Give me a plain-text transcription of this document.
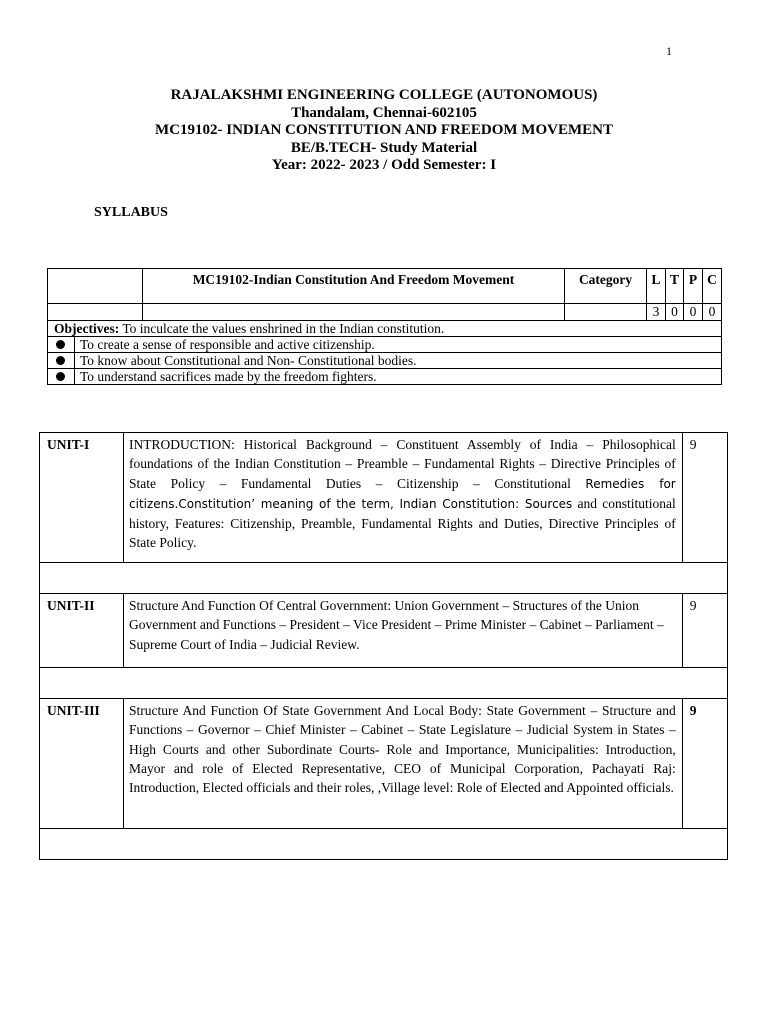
1
RAJALAKSHMI ENGINEERING COLLEGE (AUTONOMOUS)
Thandalam, Chennai-602105
MC19102- INDIAN CONSTITUTION AND FREEDOM MOVEMENT
BE/B.TECH- Study Material
Year: 2022- 2023 / Odd Semester: I
SYLLABUS
		MC19102-Indian Constitution And Freedom Movement	Category	L	T	P	C
				3	0	0	0
Objectives: To inculcate the values enshrined in the Indian constitution.							
	To create a sense of responsible and active citizenship.						
	To know about Constitutional and Non- Constitutional bodies.						
	To understand sacrifices made by the freedom fighters.						
UNIT-I	INTRODUCTION: Historical Background – Constituent Assembly of India – Philosophical foundations of the Indian Constitution – Preamble – Fundamental Rights – Directive Principles of State Policy – Fundamental Duties – Citizenship – Constitutional Remedies for citizens.Constitution’ meaning of the term, Indian Constitution: Sources and constitutional history, Features: Citizenship, Preamble, Fundamental Rights and Duties, Directive Principles of State Policy.	9

UNIT-II	Structure And Function Of Central Government: Union Government – Structures of the Union Government and Functions – President – Vice President – Prime Minister – Cabinet – Parliament – Supreme Court of India – Judicial Review.	9

UNIT-III	Structure And Function Of State Government And Local Body: State Government – Structure and Functions – Governor – Chief Minister – Cabinet – State Legislature – Judicial System in States – High Courts and other Subordinate Courts- Role and Importance, Municipalities: Introduction, Mayor and role of Elected Representative, CEO of Municipal Corporation, Pachayati Raj: Introduction, Elected officials and their roles, ,Village level: Role of Elected and Appointed officials.	9
